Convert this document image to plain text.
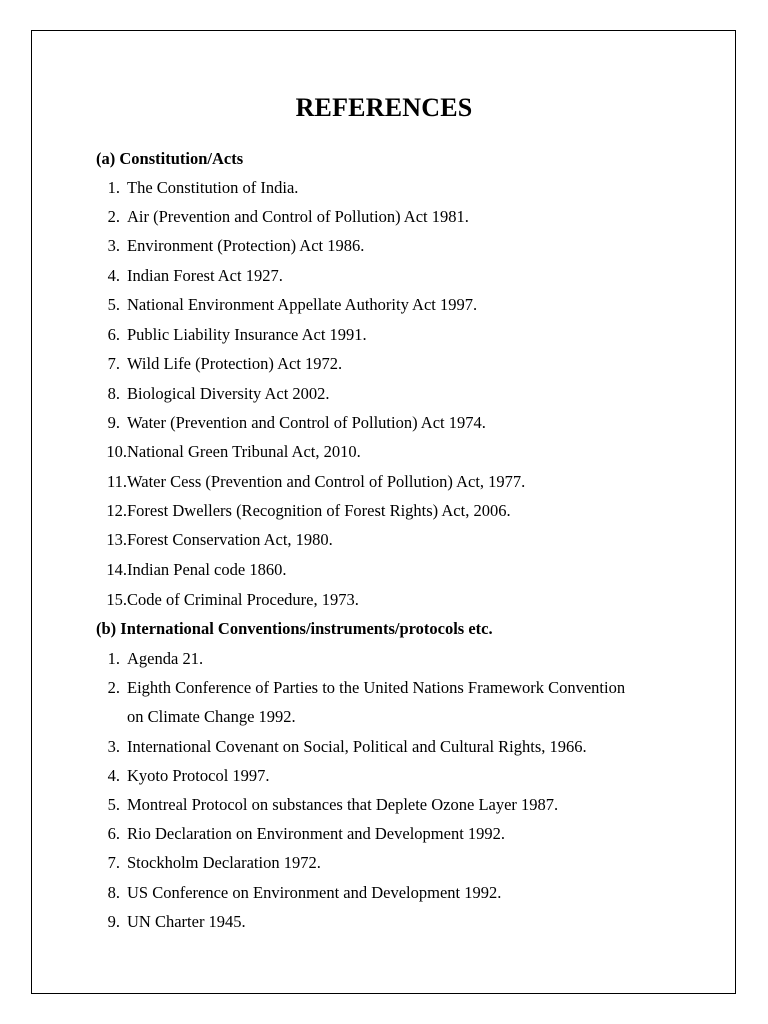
REFERENCES
(a) Constitution/Acts
1. The Constitution of India.
2. Air (Prevention and Control of Pollution) Act 1981.
3. Environment (Protection) Act 1986.
4. Indian Forest Act 1927.
5. National Environment Appellate Authority Act 1997.
6. Public Liability Insurance Act 1991.
7. Wild Life (Protection) Act 1972.
8. Biological Diversity Act 2002.
9. Water (Prevention and Control of Pollution) Act 1974.
10. National Green Tribunal Act, 2010.
11. Water Cess (Prevention and Control of Pollution) Act, 1977.
12. Forest Dwellers (Recognition of Forest Rights) Act, 2006.
13. Forest Conservation Act, 1980.
14. Indian Penal code 1860.
15. Code of Criminal Procedure, 1973.
(b) International Conventions/instruments/protocols etc.
1. Agenda 21.
2. Eighth Conference of Parties to the United Nations Framework Convention
on Climate Change 1992.
3. International Covenant on Social, Political and Cultural Rights, 1966.
4. Kyoto Protocol 1997.
5. Montreal Protocol on substances that Deplete Ozone Layer 1987.
6. Rio Declaration on Environment and Development 1992.
7. Stockholm Declaration 1972.
8. US Conference on Environment and Development 1992.
9. UN Charter 1945.
